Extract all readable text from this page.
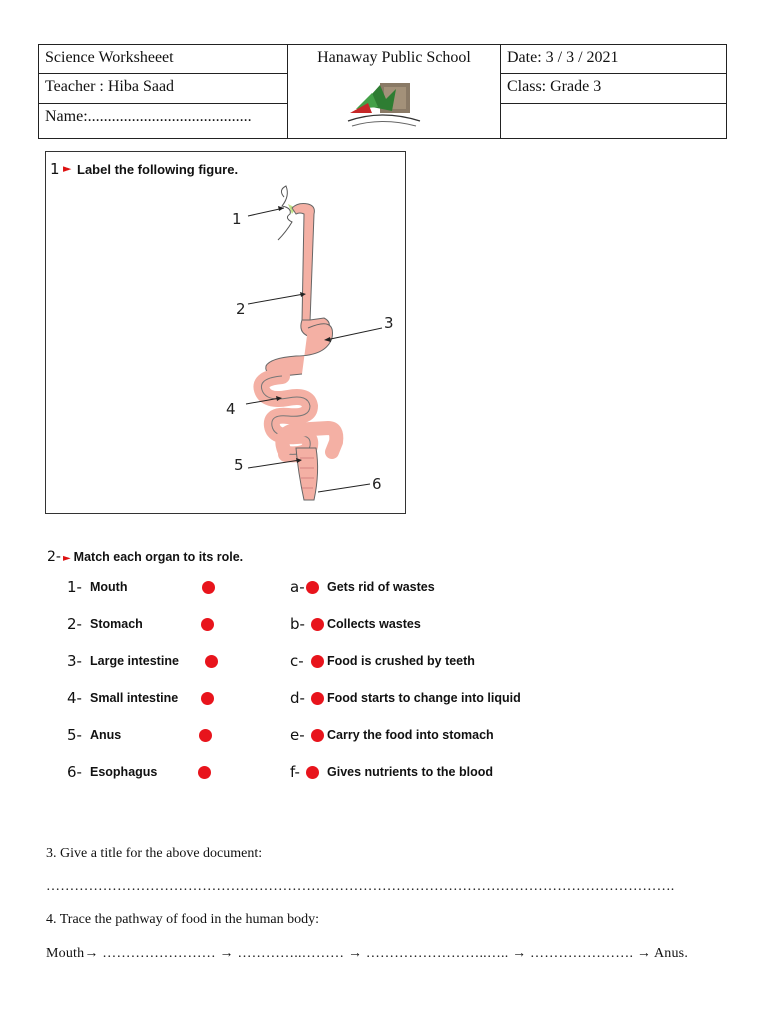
Science Worksheeet	Hanaway Public School	Date: 3 / 3 / 2021
Teacher : Hiba Saad		Class: Grade 3
Name:.........................................		
1 ► Label the following figure.
1
2
3
4
5
6
2- ► Match each organ to its role.
1- Mouth	a- Gets rid of wastes
2- Stomach	b- Collects wastes
3- Large intestine	c- Food is crushed by teeth
4- Small intestine	d- Food starts to change into liquid
5- Anus	e- Carry the food into stomach
6- Esophagus	f- Gives nutrients to the blood
3. Give a title for the above document:
…………………………………………………………………………………………………………………….
4. Trace the pathway of food in the human body:
Mouth→ …………………… → …………..……… → ……………………..….. → …………………. → Anus.
